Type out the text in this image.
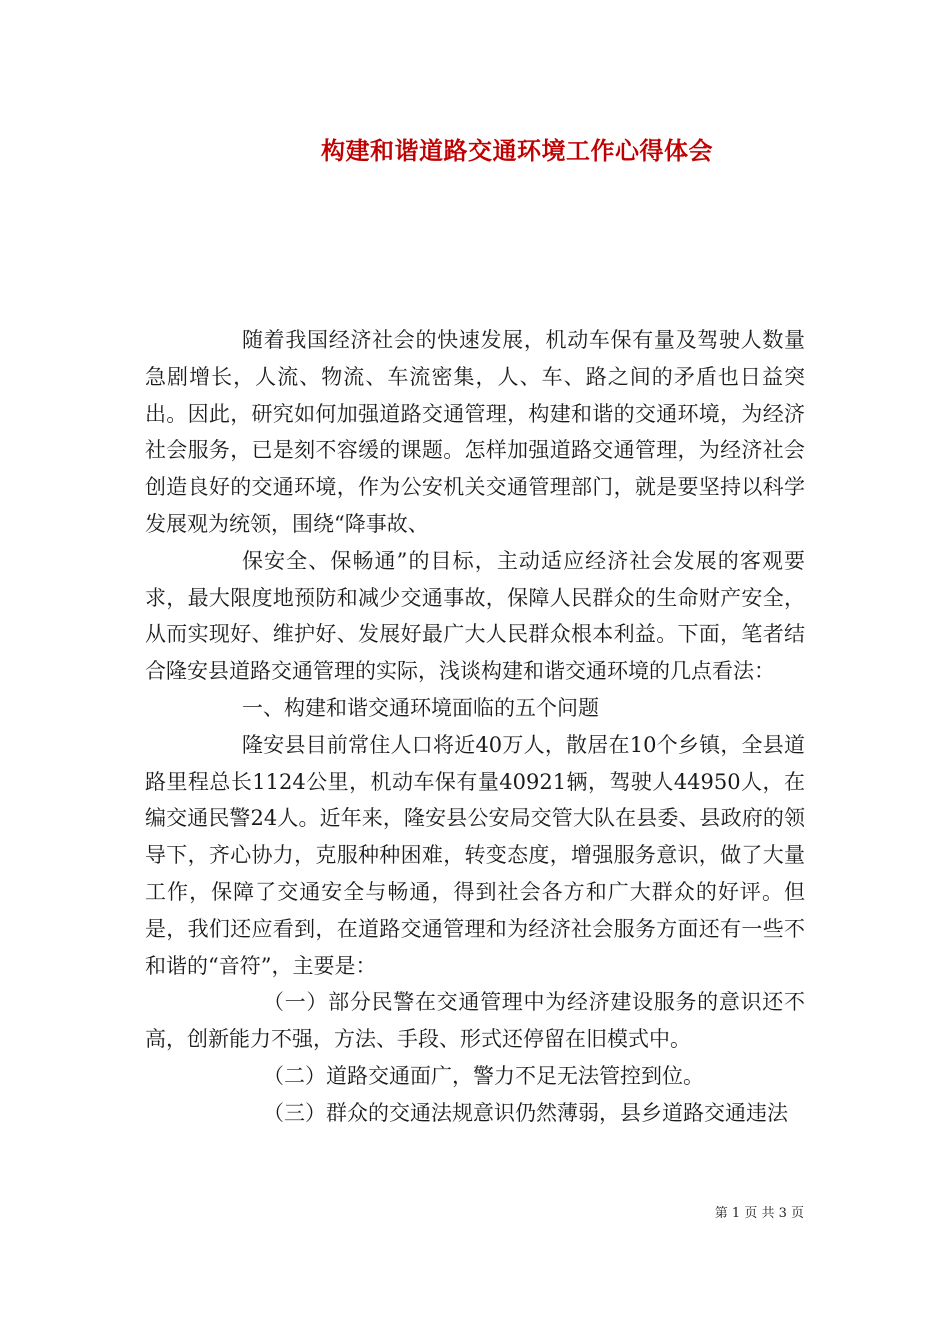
构建和谐道路交通环境工作心得体会

随着我国经济社会的快速发展，机动车保有量及驾驶人数量急剧增长，人流、物流、车流密集，人、车、路之间的矛盾也日益突出。因此，研究如何加强道路交通管理，构建和谐的交通环境，为经济社会服务，已是刻不容缓的课题。怎样加强道路交通管理，为经济社会创造良好的交通环境，作为公安机关交通管理部门，就是要坚持以科学发展观为统领，围绕“降事故、

保安全、保畅通”的目标，主动适应经济社会发展的客观要求，最大限度地预防和减少交通事故，保障人民群众的生命财产安全，从而实现好、维护好、发展好最广大人民群众根本利益。下面，笔者结合隆安县道路交通管理的实际，浅谈构建和谐交通环境的几点看法：

一、构建和谐交通环境面临的五个问题

隆安县目前常住人口将近40万人，散居在10个乡镇，全县道路里程总长1124公里，机动车保有量40921辆，驾驶人44950人，在编交通民警24人。近年来，隆安县公安局交管大队在县委、县政府的领导下，齐心协力，克服种种困难，转变态度，增强服务意识，做了大量工作，保障了交通安全与畅通，得到社会各方和广大群众的好评。但是，我们还应看到，在道路交通管理和为经济社会服务方面还有一些不和谐的“音符”，主要是：

（一）部分民警在交通管理中为经济建设服务的意识还不高，创新能力不强，方法、手段、形式还停留在旧模式中。

（二）道路交通面广，警力不足无法管控到位。

（三）群众的交通法规意识仍然薄弱，县乡道路交通违法

第 1 页 共 3 页
